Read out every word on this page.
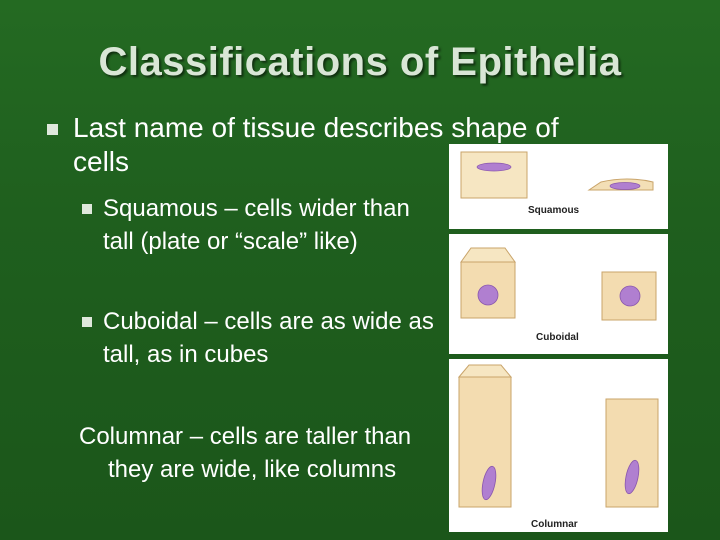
Classifications of Epithelia
Last name of tissue describes shape of
cells
Squamous – cells wider than
tall (plate or “scale” like)
Cuboidal – cells are as wide as
tall, as in cubes
Columnar – cells are taller than
they are wide, like columns
Squamous
Cuboidal
Columnar
